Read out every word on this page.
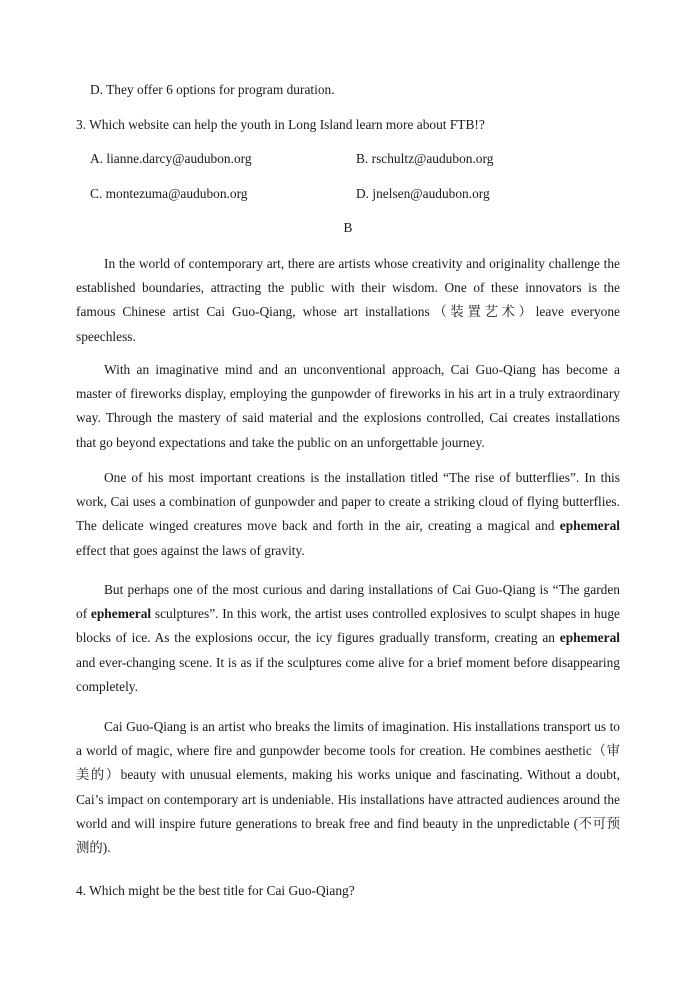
D. They offer 6 options for program duration.
3. Which website can help the youth in Long Island learn more about FTB!?
A. lianne.darcy@audubon.org	B. rschultz@audubon.org
C. montezuma@audubon.org	D. jnelsen@audubon.org
B
In the world of contemporary art, there are artists whose creativity and originality challenge the established boundaries, attracting the public with their wisdom. One of these innovators is the famous Chinese artist Cai Guo-Qiang, whose art installations（装置艺术）leave everyone speechless.
With an imaginative mind and an unconventional approach, Cai Guo-Qiang has become a master of fireworks display, employing the gunpowder of fireworks in his art in a truly extraordinary way. Through the mastery of said material and the explosions controlled, Cai creates installations that go beyond expectations and take the public on an unforgettable journey.
One of his most important creations is the installation titled “The rise of butterflies”. In this work, Cai uses a combination of gunpowder and paper to create a striking cloud of flying butterflies. The delicate winged creatures move back and forth in the air, creating a magical and ephemeral effect that goes against the laws of gravity.
But perhaps one of the most curious and daring installations of Cai Guo-Qiang is “The garden of ephemeral sculptures”. In this work, the artist uses controlled explosives to sculpt shapes in huge blocks of ice. As the explosions occur, the icy figures gradually transform, creating an ephemeral and ever-changing scene. It is as if the sculptures come alive for a brief moment before disappearing completely.
Cai Guo-Qiang is an artist who breaks the limits of imagination. His installations transport us to a world of magic, where fire and gunpowder become tools for creation. He combines aesthetic（审美的）beauty with unusual elements, making his works unique and fascinating. Without a doubt, Cai’s impact on contemporary art is undeniable. His installations have attracted audiences around the world and will inspire future generations to break free and find beauty in the unpredictable (不可预测的).
4. Which might be the best title for Cai Guo-Qiang?
